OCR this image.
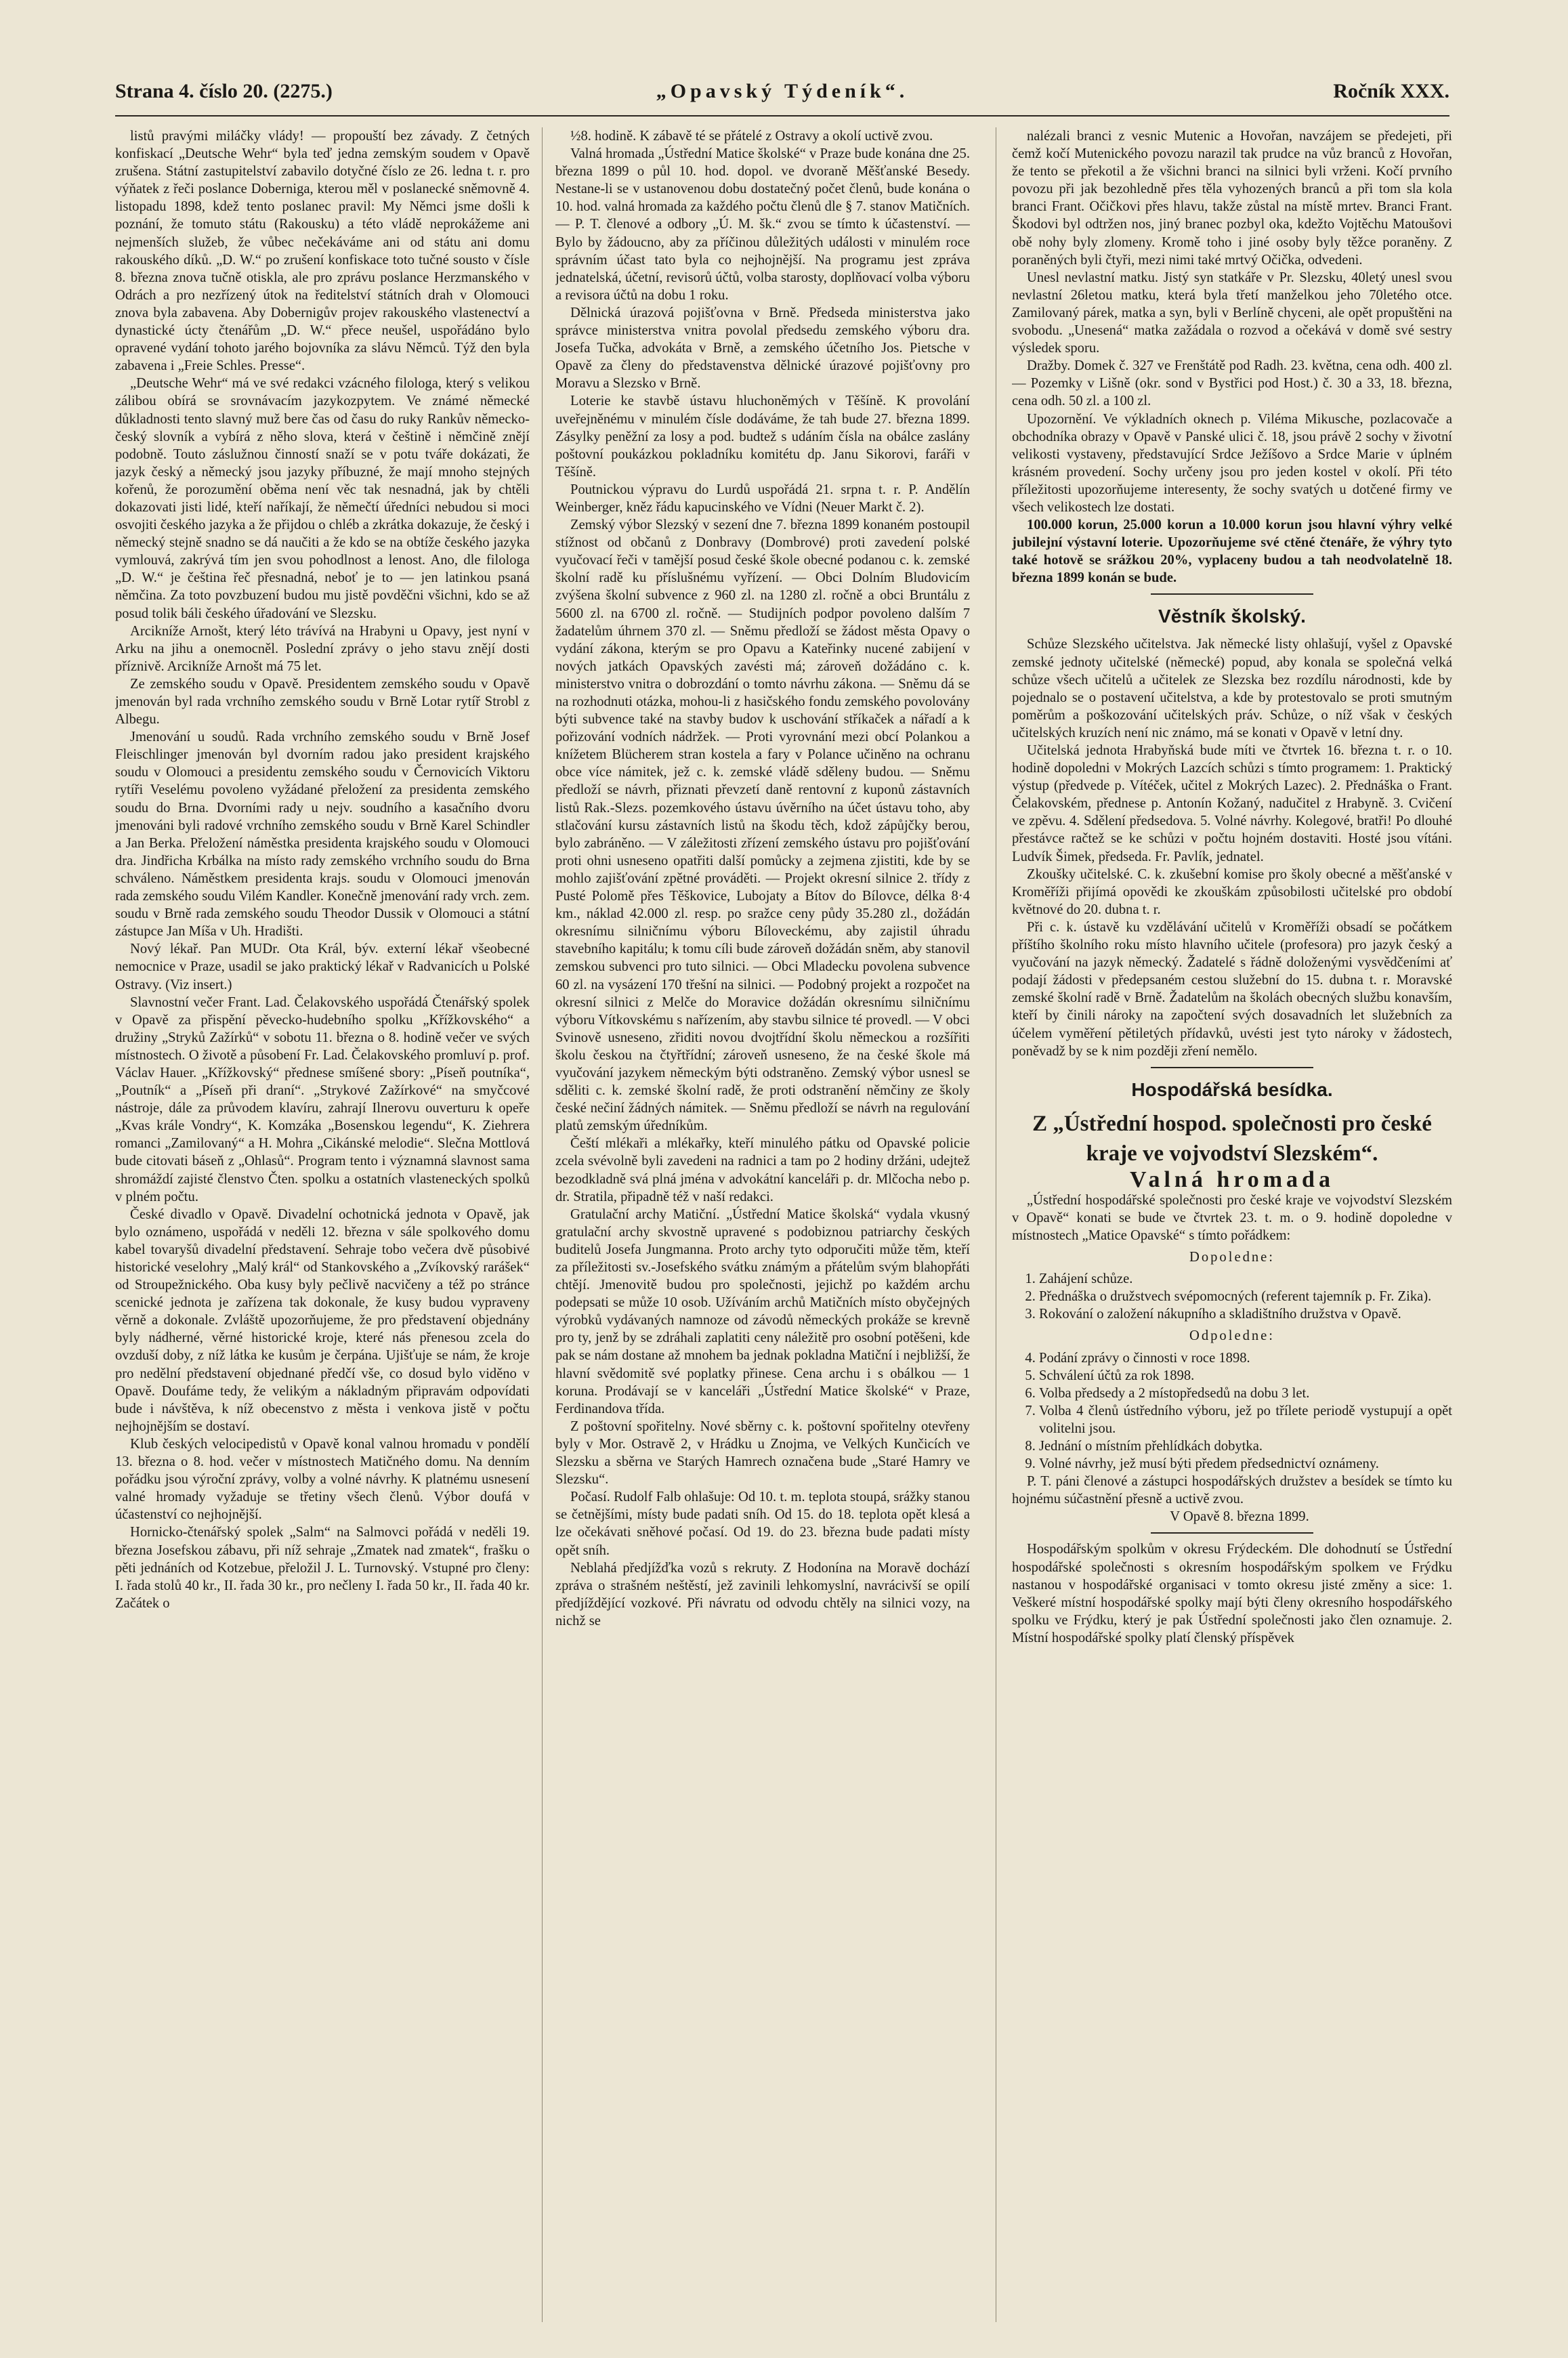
Strana 4. číslo 20. (2275.)	„Opavský Týdeník“.	Ročník XXX.

listů pravými miláčky vlády! — propouští bez závady. Z četných konfiskací „Deutsche Wehr“ byla teď jedna zemským soudem v Opavě zrušena. Státní zastupitelství zabavilo dotyčné číslo ze 26. ledna t. r. pro výňatek z řeči poslance Doberniga, kterou měl v poslanecké sněmovně 4. listopadu 1898, kdež tento poslanec pravil: My Němci jsme došli k poznání, že tomuto státu (Rakousku) a této vládě neprokážeme ani nejmenších služeb, že vůbec nečekáváme ani od státu ani domu rakouského díků. „D. W.“ po zrušení konfiskace toto tučné sousto v čísle 8. března znova tučně otiskla, ale pro zprávu poslance Herzmanského v Odrách a pro nezřízený útok na ředitelství státních drah v Olomouci znova byla zabavena. Aby Dobernigův projev rakouského vlastenectví a dynastické úcty čtenářům „D. W.“ přece neušel, uspořádáno bylo opravené vydání tohoto jarého bojovníka za slávu Němců. Týž den byla zabavena i „Freie Schles. Presse“.

„Deutsche Wehr“ má ve své redakci vzácného filologa, který s velikou zálibou obírá se srovnávacím jazykozpytem. Ve známé německé důkladnosti tento slavný muž bere čas od času do ruky Rankův německo-český slovník a vybírá z něho slova, která v češtině i němčině znějí podobně. Touto záslužnou činností snaží se v potu tváře dokázati, že jazyk český a německý jsou jazyky příbuzné, že mají mnoho stejných kořenů, že porozumění oběma není věc tak nesnadná, jak by chtěli dokazovati jisti lidé, kteří naříkají, že němečtí úředníci nebudou si moci osvojiti českého jazyka a že přijdou o chléb a zkrátka dokazuje, že český i německý stejně snadno se dá naučiti a že kdo se na obtíže českého jazyka vymlouvá, zakrývá tím jen svou pohodlnost a lenost. Ano, dle filologa „D. W.“ je čeština řeč přesnadná, neboť je to — jen latinkou psaná němčina. Za toto povzbuzení budou mu jistě povděčni všichni, kdo se až posud tolik báli českého úřadování ve Slezsku.

Arcikníže Arnošt, který léto trávívá na Hrabyni u Opavy, jest nyní v Arku na jihu a onemocněl. Poslední zprávy o jeho stavu znějí dosti příznivě. Arcikníže Arnošt má 75 let.

Ze zemského soudu v Opavě. Presidentem zemského soudu v Opavě jmenován byl rada vrchního zemského soudu v Brně Lotar rytíř Strobl z Albegu.

Jmenování u soudů. Rada vrchního zemského soudu v Brně Josef Fleischlinger jmenován byl dvorním radou jako president krajského soudu v Olomouci a presidentu zemského soudu v Černovicích Viktoru rytíři Veselému povoleno vyžádané přeložení za presidenta zemského soudu do Brna. Dvorními rady u nejv. soudního a kasačního dvoru jmenováni byli radové vrchního zemského soudu v Brně Karel Schindler a Jan Berka. Přeložení náměstka presidenta krajského soudu v Olomouci dra. Jindřicha Krbálka na místo rady zemského vrchního soudu do Brna schváleno. Náměstkem presidenta krajs. soudu v Olomouci jmenován rada zemského soudu Vilém Kandler. Konečně jmenování rady vrch. zem. soudu v Brně rada zemského soudu Theodor Dussik v Olomouci a státní zástupce Jan Míša v Uh. Hradišti.

Nový lékař. Pan MUDr. Ota Král, býv. externí lékař všeobecné nemocnice v Praze, usadil se jako praktický lékař v Radvanicích u Polské Ostravy. (Viz insert.)

Slavnostní večer Frant. Lad. Čelakovského uspořádá Čtenářský spolek v Opavě za přispění pěvecko-hudebního spolku „Křížkovského“ a družiny „Stryků Zažírků“ v sobotu 11. března o 8. hodině večer ve svých místnostech. O životě a působení Fr. Lad. Čelakovského promluví p. prof. Václav Hauer. „Křížkovský“ přednese smíšené sbory: „Píseň poutníka“, „Poutník“ a „Píseň při draní“. „Strykové Zažírkové“ na smyčcové nástroje, dále za průvodem klavíru, zahrají Ilnerovu ouverturu k opeře „Kvas krále Vondry“, K. Komzáka „Bosenskou legendu“, K. Ziehrera romanci „Zamilovaný“ a H. Mohra „Cikánské melodie“. Slečna Mottlová bude citovati báseň z „Ohlasů“. Program tento i významná slavnost sama shromáždí zajisté členstvo Čten. spolku a ostatních vlasteneckých spolků v plném počtu.

České divadlo v Opavě. Divadelní ochotnická jednota v Opavě, jak bylo oznámeno, uspořádá v neděli 12. března v sále spolkového domu kabel tovaryšů divadelní představení. Sehraje tobo večera dvě působivé historické veselohry „Malý král“ od Stankovského a „Zvíkovský rarášek“ od Stroupežnického. Oba kusy byly pečlivě nacvičeny a též po stránce scenické jednota je zařízena tak dokonale, že kusy budou vypraveny věrně a dokonale. Zvláště upozorňujeme, že pro představení objednány byly nádherné, věrné historické kroje, které nás přenesou zcela do ovzduší doby, z níž látka ke kusům je čerpána. Ujišťuje se nám, že kroje pro nedělní představení objednané předčí vše, co dosud bylo viděno v Opavě. Doufáme tedy, že velikým a nákladným připravám odpovídati bude i návštěva, k níž obecenstvo z města i venkova jistě v počtu nejhojnějším se dostaví.

Klub českých velocipedistů v Opavě konal valnou hromadu v pondělí 13. března o 8. hod. večer v místnostech Matičného domu. Na denním pořádku jsou výroční zprávy, volby a volné návrhy. K platnému usnesení valné hromady vyžaduje se třetiny všech členů. Výbor doufá v účastenství co nejhojnější.

Hornicko-čtenářský spolek „Salm“ na Salmovci pořádá v neděli 19. března Josefskou zábavu, při níž sehraje „Zmatek nad zmatek“, frašku o pěti jednáních od Kotzebue, přeložil J. L. Turnovský. Vstupné pro členy: I. řada stolů 40 kr., II. řada 30 kr., pro nečleny I. řada 50 kr., II. řada 40 kr. Začátek o

½8. hodině. K zábavě té se přátelé z Ostravy a okolí uctivě zvou.

Valná hromada „Ústřední Matice školské“ v Praze bude konána dne 25. března 1899 o půl 10. hod. dopol. ve dvoraně Měšťanské Besedy. Nestane-li se v ustanovenou dobu dostatečný počet členů, bude konána o 10. hod. valná hromada za každého počtu členů dle § 7. stanov Matičních. — P. T. členové a odbory „Ú. M. šk.“ zvou se tímto k účastenství. — Bylo by žádoucno, aby za příčinou důležitých události v minulém roce správním účast tato byla co nejhojnější. Na programu jest zpráva jednatelská, účetní, revisorů účtů, volba starosty, doplňovací volba výboru a revisora účtů na dobu 1 roku.

Dělnická úrazová pojišťovna v Brně. Předseda ministerstva jako správce ministerstva vnitra povolal předsedu zemského výboru dra. Josefa Tučka, advokáta v Brně, a zemského účetního Jos. Pietsche v Opavě za členy do představenstva dělnické úrazové pojišťovny pro Moravu a Slezsko v Brně.

Loterie ke stavbě ústavu hluchoněmých v Těšíně. K provolání uveřejněnému v minulém čísle dodáváme, že tah bude 27. března 1899. Zásylky peněžní za losy a pod. budtež s udáním čísla na obálce zaslány poštovní poukázkou pokladníku komitétu dp. Janu Sikorovi, faráři v Těšíně.

Poutnickou výpravu do Lurdů uspořádá 21. srpna t. r. P. Andělín Weinberger, kněz řádu kapucinského ve Vídni (Neuer Markt č. 2).

Zemský výbor Slezský v sezení dne 7. března 1899 konaném postoupil stížnost od občanů z Donbravy (Dombrové) proti zavedení polské vyučovací řeči v tamější posud české škole obecné podanou c. k. zemské školní radě ku příslušnému vyřízení. — Obci Dolním Bludovicím zvýšena školní subvence z 960 zl. na 1280 zl. ročně a obci Bruntálu z 5600 zl. na 6700 zl. ročně. — Studijních podpor povoleno dalším 7 žadatelům úhrnem 370 zl. — Sněmu předloží se žádost města Opavy o vydání zákona, kterým se pro Opavu a Kateřinky nucené zabijení v nových jatkách Opavských zavésti má; zároveň dožádáno c. k. ministerstvo vnitra o dobrozdání o tomto návrhu zákona. — Sněmu dá se na rozhodnuti otázka, mohou-li z hasičského fondu zemského povolovány býti subvence také na stavby budov k uschování stříkaček a nářadí a k pořizování vodních nádržek. — Proti vyrovnání mezi obcí Polankou a knížetem Blücherem stran kostela a fary v Polance učiněno na ochranu obce více námitek, jež c. k. zemské vládě sděleny budou. — Sněmu předloží se návrh, přiznati převzetí daně rentovní z kuponů zástavních listů Rak.-Slezs. pozemkového ústavu úvěrního na účet ústavu toho, aby stlačování kursu zástavních listů na škodu těch, kdož zápůjčky berou, bylo zabráněno. — V záležitosti zřízení zemského ústavu pro pojišťování proti ohni usneseno opatřiti další pomůcky a zejmena zjistiti, kde by se mohlo zajišťování zpětné prováděti. — Projekt okresní silnice 2. třídy z Pusté Polomě přes Těškovice, Lubojaty a Bítov do Bílovce, délka 8·4 km., náklad 42.000 zl. resp. po sražce ceny půdy 35.280 zl., dožádán okresnímu silničnímu výboru Bíloveckému, aby zajistil úhradu stavebního kapitálu; k tomu cíli bude zároveň dožádán sněm, aby stanovil zemskou subvenci pro tuto silnici. — Obci Mladecku povolena subvence 60 zl. na vysázení 170 třešní na silnici. — Podobný projekt a rozpočet na okresní silnici z Melče do Moravice dožádán okresnímu silničnímu výboru Vítkovskému s nařízením, aby stavbu silnice té provedl. — V obci Svinově usneseno, zřiditi novou dvojtřídní školu německou a rozšířiti školu českou na čtyřtřídní; zároveň usneseno, že na české škole má vyučování jazykem německým býti odstraněno. Zemský výbor usnesl se sděliti c. k. zemské školní radě, že proti odstranění němčiny ze školy české nečiní žádných námitek. — Sněmu předloží se návrh na regulování platů zemským úředníkům.

Čeští mlékaři a mlékařky, kteří minulého pátku od Opavské policie zcela svévolně byli zavedeni na radnici a tam po 2 hodiny držáni, udejtež bezodkladně svá plná jména v advokátní kanceláři p. dr. Mlčocha nebo p. dr. Stratila, připadně též v naší redakci.

Gratulační archy Matiční. „Ústřední Matice školská“ vydala vkusný gratulační archy skvostně upravené s podobiznou patriarchy českých buditelů Josefa Jungmanna. Proto archy tyto odporučiti může těm, kteří za příležitosti sv.-Josefského svátku známým a přátelům svým blahopřáti chtějí. Jmenovitě budou pro společnosti, jejichž po každém archu podepsati se může 10 osob. Užíváním archů Matičních místo obyčejných výrobků vydávaných namnoze od závodů německých prokáže se krevně pro ty, jenž by se zdráhali zaplatiti ceny náležitě pro osobní potěšeni, kde pak se nám dostane až mnohem ba jednak pokladna Matiční i nejbližší, že hlavní svědomitě své poplatky přinese. Cena archu i s obálkou — 1 koruna. Prodávají se v kanceláři „Ústřední Matice školské“ v Praze, Ferdinandova třída.

Z poštovní spořitelny. Nové sběrny c. k. poštovní spořitelny otevřeny byly v Mor. Ostravě 2, v Hrádku u Znojma, ve Velkých Kunčicích ve Slezsku a sběrna ve Starých Hamrech označena bude „Staré Hamry ve Slezsku“.

Počasí. Rudolf Falb ohlašuje: Od 10. t. m. teplota stoupá, srážky stanou se četnějšími, místy bude padati sníh. Od 15. do 18. teplota opět klesá a lze očekávati sněhové počasí. Od 19. do 23. března bude padati místy opět sníh.

Neblahá předjížďka vozů s rekruty. Z Hodonína na Moravě dochází zpráva o strašném neštěstí, jež zavinili lehkomyslní, navrácivší se opilí předjíždějící vozkové. Při návratu od odvodu chtěly na silnici vozy, na nichž se

nalézali branci z vesnic Mutenic a Hovořan, navzájem se předejeti, při čemž kočí Mutenického povozu narazil tak prudce na vůz branců z Hovořan, že tento se překotil a že všichni branci na silnici byli vrženi. Kočí prvního povozu při jak bezohledně přes těla vyhozených branců a při tom sla kola branci Frant. Očičkovi přes hlavu, takže zůstal na místě mrtev. Branci Frant. Škodovi byl odtržen nos, jiný branec pozbyl oka, kdežto Vojtěchu Matoušovi obě nohy byly zlomeny. Kromě toho i jiné osoby byly těžce poraněny. Z poraněných byli čtyři, mezi nimi také mrtvý Očička, odvedeni.

Unesl nevlastní matku. Jistý syn statkáře v Pr. Slezsku, 40letý unesl svou nevlastní 26letou matku, která byla třetí manželkou jeho 70letého otce. Zamilovaný párek, matka a syn, byli v Berlíně chyceni, ale opět propuštěni na svobodu. „Unesená“ matka zažádala o rozvod a očekává v domě své sestry výsledek sporu.

Dražby. Domek č. 327 ve Frenštátě pod Radh. 23. května, cena odh. 400 zl. — Pozemky v Lišně (okr. sond v Bystřici pod Host.) č. 30 a 33, 18. března, cena odh. 50 zl. a 100 zl.

Upozornění. Ve výkladních oknech p. Viléma Mikusche, pozlacovače a obchodníka obrazy v Opavě v Panské ulici č. 18, jsou právě 2 sochy v životní velikosti vystaveny, představující Srdce Ježíšovo a Srdce Marie v úplném krásném provedení. Sochy určeny jsou pro jeden kostel v okolí. Při této příležitosti upozorňujeme interesenty, že sochy svatých u dotčené firmy ve všech velikostech lze dostati.

100.000 korun, 25.000 korun a 10.000 korun jsou hlavní výhry velké jubilejní výstavní loterie. Upozorňujeme své ctěné čtenáře, že výhry tyto také hotově se srážkou 20%, vyplaceny budou a tah neodvolatelně 18. března 1899 konán se bude.

Věstník školský.

Schůze Slezského učitelstva. Jak německé listy ohlašují, vyšel z Opavské zemské jednoty učitelské (německé) popud, aby konala se společná velká schůze všech učitelů a učitelek ze Slezska bez rozdílu národnosti, kde by pojednalo se o postavení učitelstva, a kde by protestovalo se proti smutným poměrům a poškozování učitelských práv. Schůze, o níž však v českých učitelských kruzích není nic známo, má se konati v Opavě v letní dny.

Učitelská jednota Hrabyňská bude míti ve čtvrtek 16. března t. r. o 10. hodině dopoledni v Mokrých Lazcích schůzi s tímto programem: 1. Praktický výstup (předvede p. Vítéček, učitel z Mokrých Lazec). 2. Přednáška o Frant. Čelakovském, přednese p. Antonín Kožaný, nadučitel z Hrabyně. 3. Cvičení ve zpěvu. 4. Sdělení předsedova. 5. Volné návrhy. Kolegové, bratři! Po dlouhé přestávce račtež se ke schůzi v počtu hojném dostaviti. Hosté jsou vítáni. Ludvík Šimek, předseda. Fr. Pavlík, jednatel.

Zkoušky učitelské. C. k. zkušební komise pro školy obecné a měšťanské v Kroměříži přijímá opovědi ke zkouškám způsobilosti učitelské pro období květnové do 20. dubna t. r.

Při c. k. ústavě ku vzdělávání učitelů v Kroměříži obsadí se počátkem příštího školního roku místo hlavního učitele (profesora) pro jazyk český a vyučování na jazyk německý. Žadatelé s řádně doloženými vysvědčeními ať podají žádosti v předepsaném cestou služební do 15. dubna t. r. Moravské zemské školní radě v Brně. Žadatelům na školách obecných službu konavším, kteří by činili nároky na započtení svých dosavadních let služebních za účelem vyměření pětiletých přídavků, uvésti jest tyto nároky v žádostech, poněvadž by se k nim později zření nemělo.

Hospodářská besídka.
Z „Ústřední hospod. společnosti pro české kraje ve vojvodství Slezském“.
Valná hromada

„Ústřední hospodářské společnosti pro české kraje ve vojvodství Slezském v Opavě“ konati se bude ve čtvrtek 23. t. m. o 9. hodině dopoledne v místnostech „Matice Opavské“ s tímto pořádkem:

Dopoledne:
1. Zahájení schůze.
2. Přednáška o družstvech svépomocných (referent tajemník p. Fr. Zika).
3. Rokování o založení nákupního a skladištního družstva v Opavě.
Odpoledne:
4. Podání zprávy o činnosti v roce 1898.
5. Schválení účtů za rok 1898.
6. Volba předsedy a 2 místopředsedů na dobu 3 let.
7. Volba 4 členů ústředního výboru, jež po třílete periodě vystupují a opět volitelni jsou.
8. Jednání o místním přehlídkách dobytka.
9. Volné návrhy, jež musí býti předem předsednictví oznámeny.

P. T. páni členové a zástupci hospodářských družstev a besídek se tímto ku hojnému súčastnění přesně a uctivě zvou.

V Opavě 8. března 1899.

Hospodářským spolkům v okresu Frýdeckém. Dle dohodnutí se Ústřední hospodářské společnosti s okresním hospodářským spolkem ve Frýdku nastanou v hospodářské organisaci v tomto okresu jisté změny a sice: 1. Veškeré místní hospodářské spolky mají býti členy okresního hospodářského spolku ve Frýdku, který je pak Ústřední společnosti jako člen oznamuje. 2. Místní hospodářské spolky platí členský příspěvek
